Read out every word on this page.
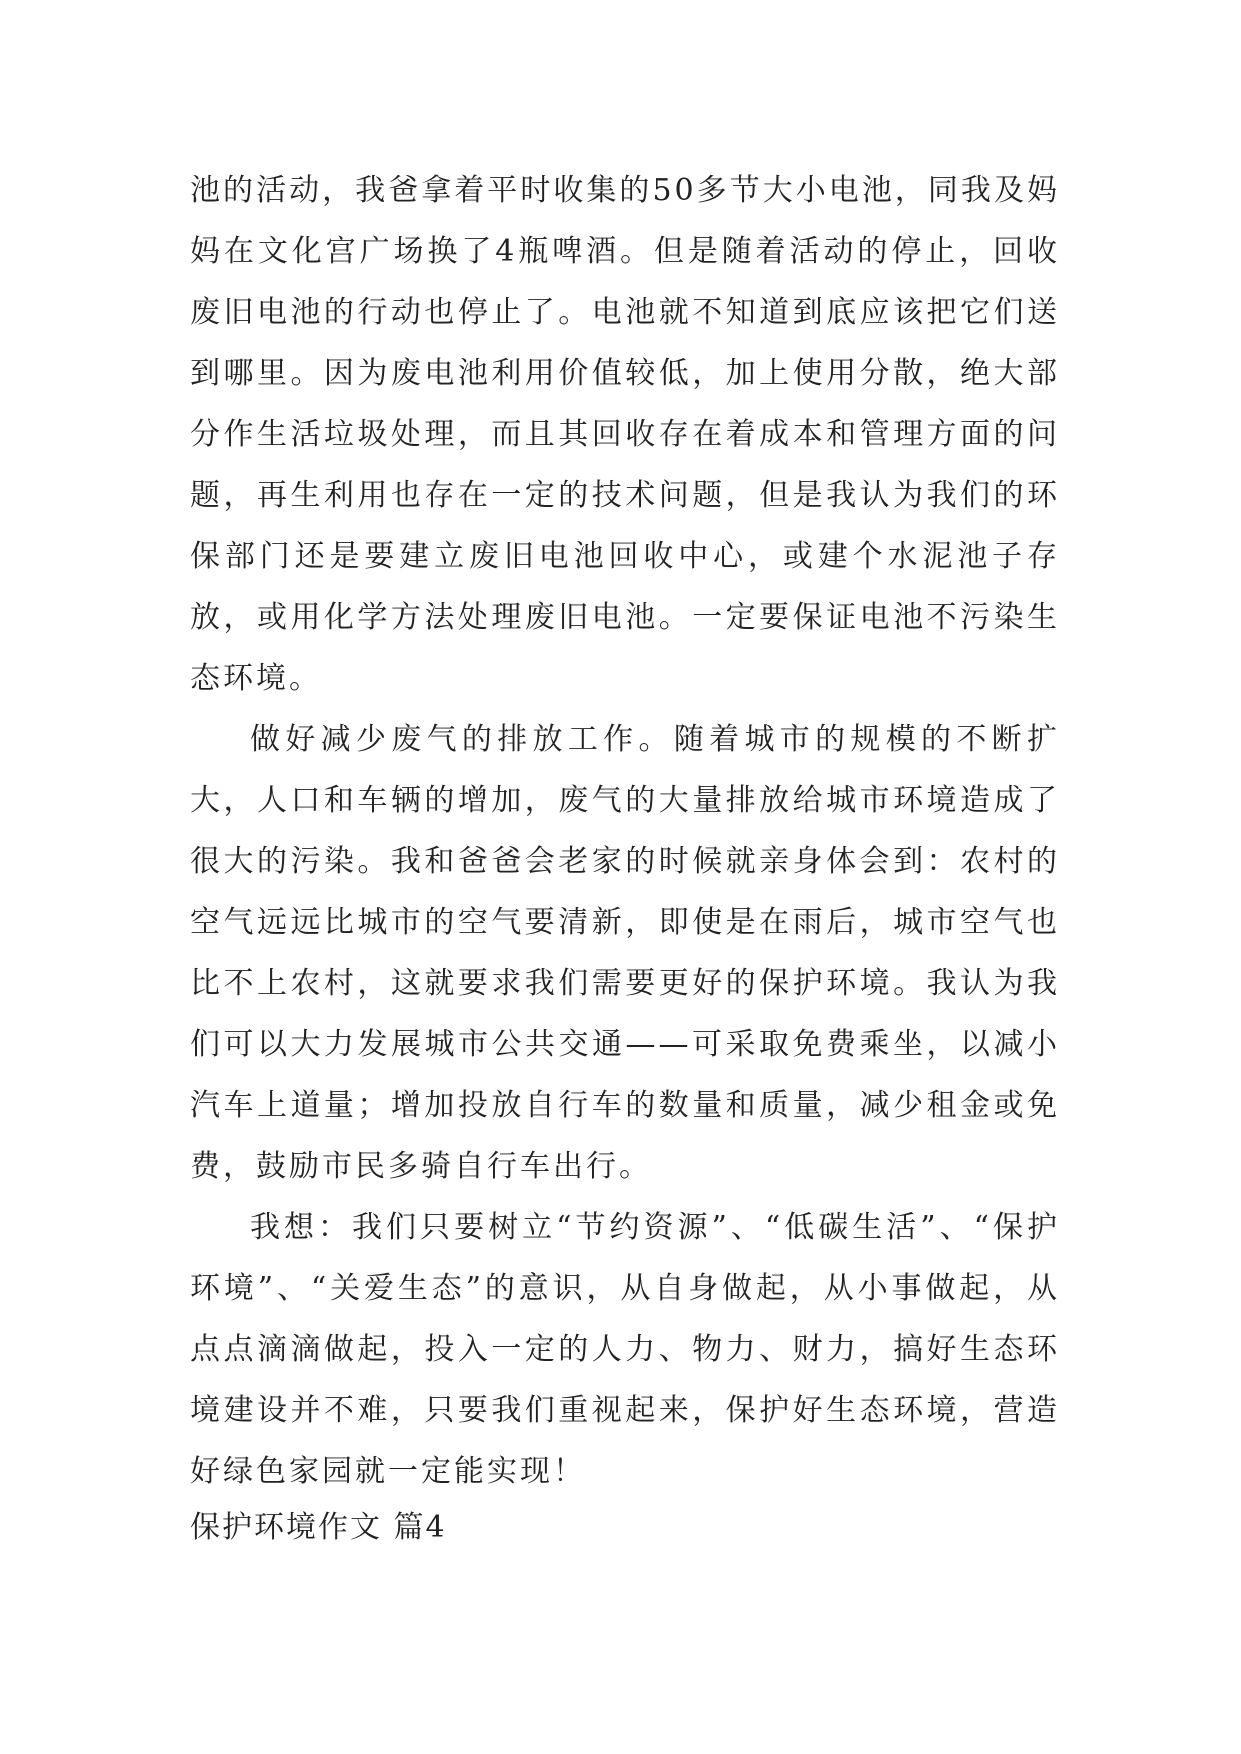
池的活动，我爸拿着平时收集的50多节大小电池，同我及妈妈在文化宫广场换了4瓶啤酒。但是随着活动的停止，回收废旧电池的行动也停止了。电池就不知道到底应该把它们送到哪里。因为废电池利用价值较低，加上使用分散，绝大部分作生活垃圾处理，而且其回收存在着成本和管理方面的问题，再生利用也存在一定的技术问题，但是我认为我们的环保部门还是要建立废旧电池回收中心，或建个水泥池子存放，或用化学方法处理废旧电池。一定要保证电池不污染生态环境。

做好减少废气的排放工作。随着城市的规模的不断扩大，人口和车辆的增加，废气的大量排放给城市环境造成了很大的污染。我和爸爸会老家的时候就亲身体会到：农村的空气远远比城市的空气要清新，即使是在雨后，城市空气也比不上农村，这就要求我们需要更好的保护环境。我认为我们可以大力发展城市公共交通——可采取免费乘坐，以减小汽车上道量；增加投放自行车的数量和质量，减少租金或免费，鼓励市民多骑自行车出行。

我想：我们只要树立“节约资源”、“低碳生活”、“保护环境”、“关爱生态”的意识，从自身做起，从小事做起，从点点滴滴做起，投入一定的人力、物力、财力，搞好生态环境建设并不难，只要我们重视起来，保护好生态环境，营造好绿色家园就一定能实现！

保护环境作文 篇4
